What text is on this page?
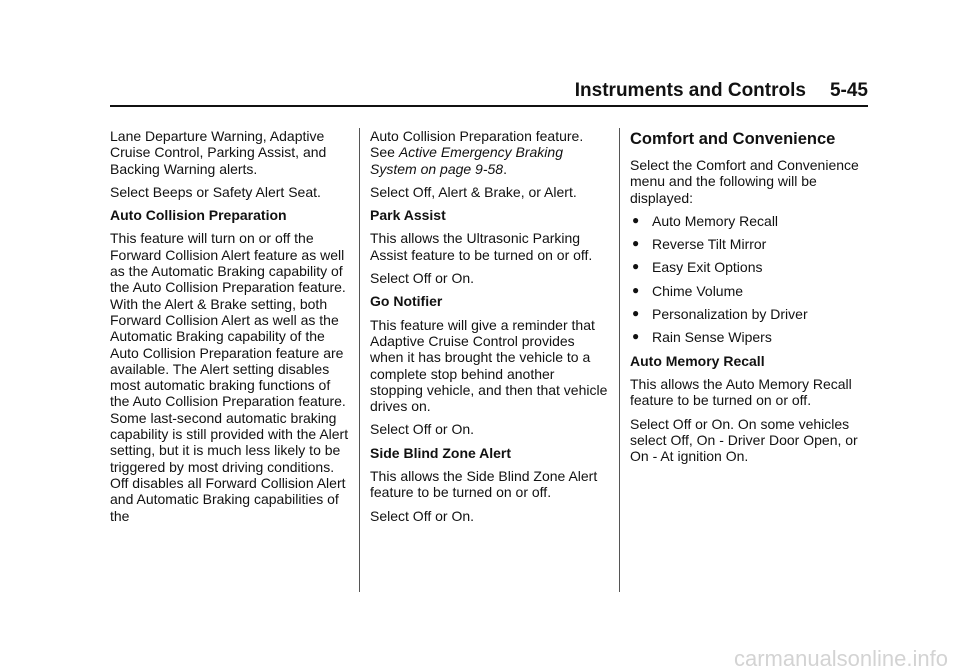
Instruments and Controls 5-45

Lane Departure Warning, Adaptive Cruise Control, Parking Assist, and Backing Warning alerts.

Select Beeps or Safety Alert Seat.

Auto Collision Preparation

This feature will turn on or off the Forward Collision Alert feature as well as the Automatic Braking capability of the Auto Collision Preparation feature. With the Alert & Brake setting, both Forward Collision Alert as well as the Automatic Braking capability of the Auto Collision Preparation feature are available. The Alert setting disables most automatic braking functions of the Auto Collision Preparation feature. Some last-second automatic braking capability is still provided with the Alert setting, but it is much less likely to be triggered by most driving conditions. Off disables all Forward Collision Alert and Automatic Braking capabilities of the

Auto Collision Preparation feature. See Active Emergency Braking System on page 9-58.

Select Off, Alert & Brake, or Alert.

Park Assist

This allows the Ultrasonic Parking Assist feature to be turned on or off.

Select Off or On.

Go Notifier

This feature will give a reminder that Adaptive Cruise Control provides when it has brought the vehicle to a complete stop behind another stopping vehicle, and then that vehicle drives on.

Select Off or On.

Side Blind Zone Alert

This allows the Side Blind Zone Alert feature to be turned on or off.

Select Off or On.

Comfort and Convenience

Select the Comfort and Convenience menu and the following will be displayed:

● Auto Memory Recall
● Reverse Tilt Mirror
● Easy Exit Options
● Chime Volume
● Personalization by Driver
● Rain Sense Wipers

Auto Memory Recall

This allows the Auto Memory Recall feature to be turned on or off.

Select Off or On. On some vehicles select Off, On - Driver Door Open, or On - At ignition On.

carmanualsonline.info
